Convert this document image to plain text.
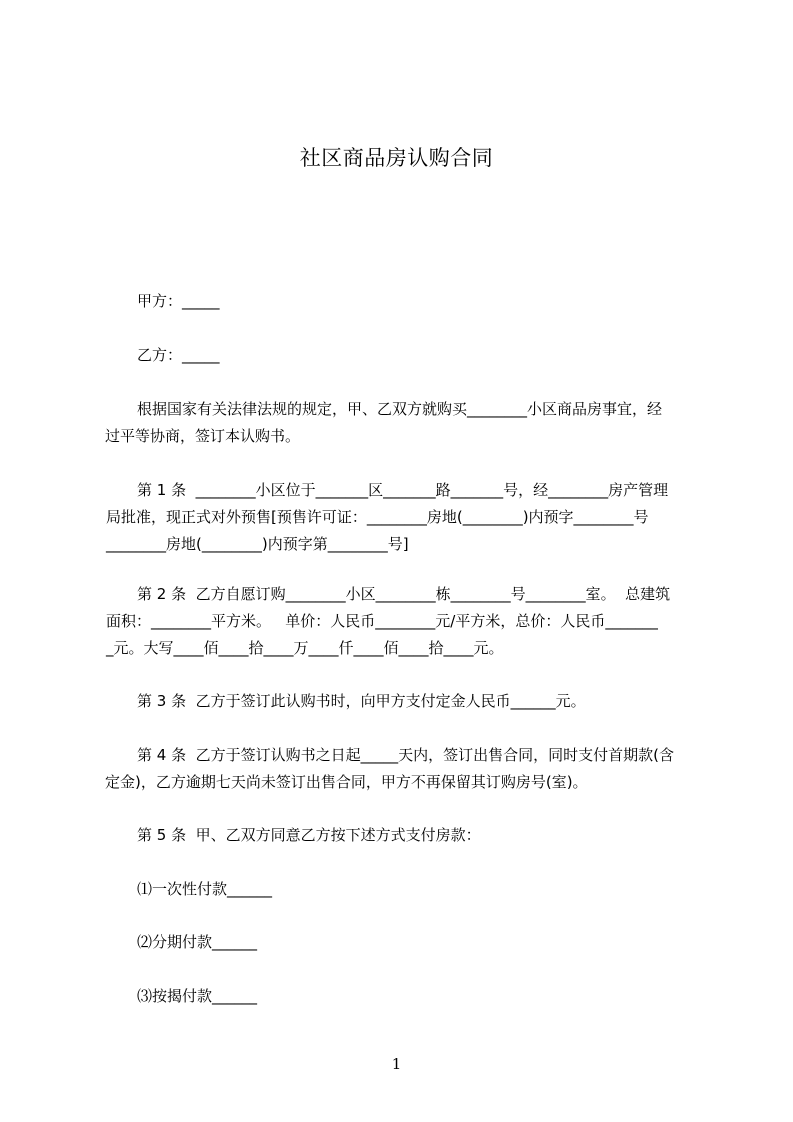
社区商品房认购合同
甲方：_____
乙方：_____
根据国家有关法律法规的规定，甲、乙双方就购买________小区商品房事宜，经
过平等协商，签订本认购书。
第 1 条  ________小区位于_______区_______路_______号，经________房产管理
局批准，现正式对外预售[预售许可证：________房地(________)内预字________号
________房地(________)内预字第________号]
第 2 条  乙方自愿订购________小区________栋________号________室。  总建筑
面积：________平方米。   单价：人民币________元/平方米，总价：人民币_______
_元。大写____佰____拾____万____仟____佰____拾____元。
第 3 条  乙方于签订此认购书时，向甲方支付定金人民币______元。
第 4 条  乙方于签订认购书之日起_____天内，签订出售合同，同时支付首期款(含
定金)，乙方逾期七天尚未签订出售合同，甲方不再保留其订购房号(室)。
第 5 条  甲、乙双方同意乙方按下述方式支付房款：
⑴一次性付款______
⑵分期付款______
⑶按揭付款______
1
